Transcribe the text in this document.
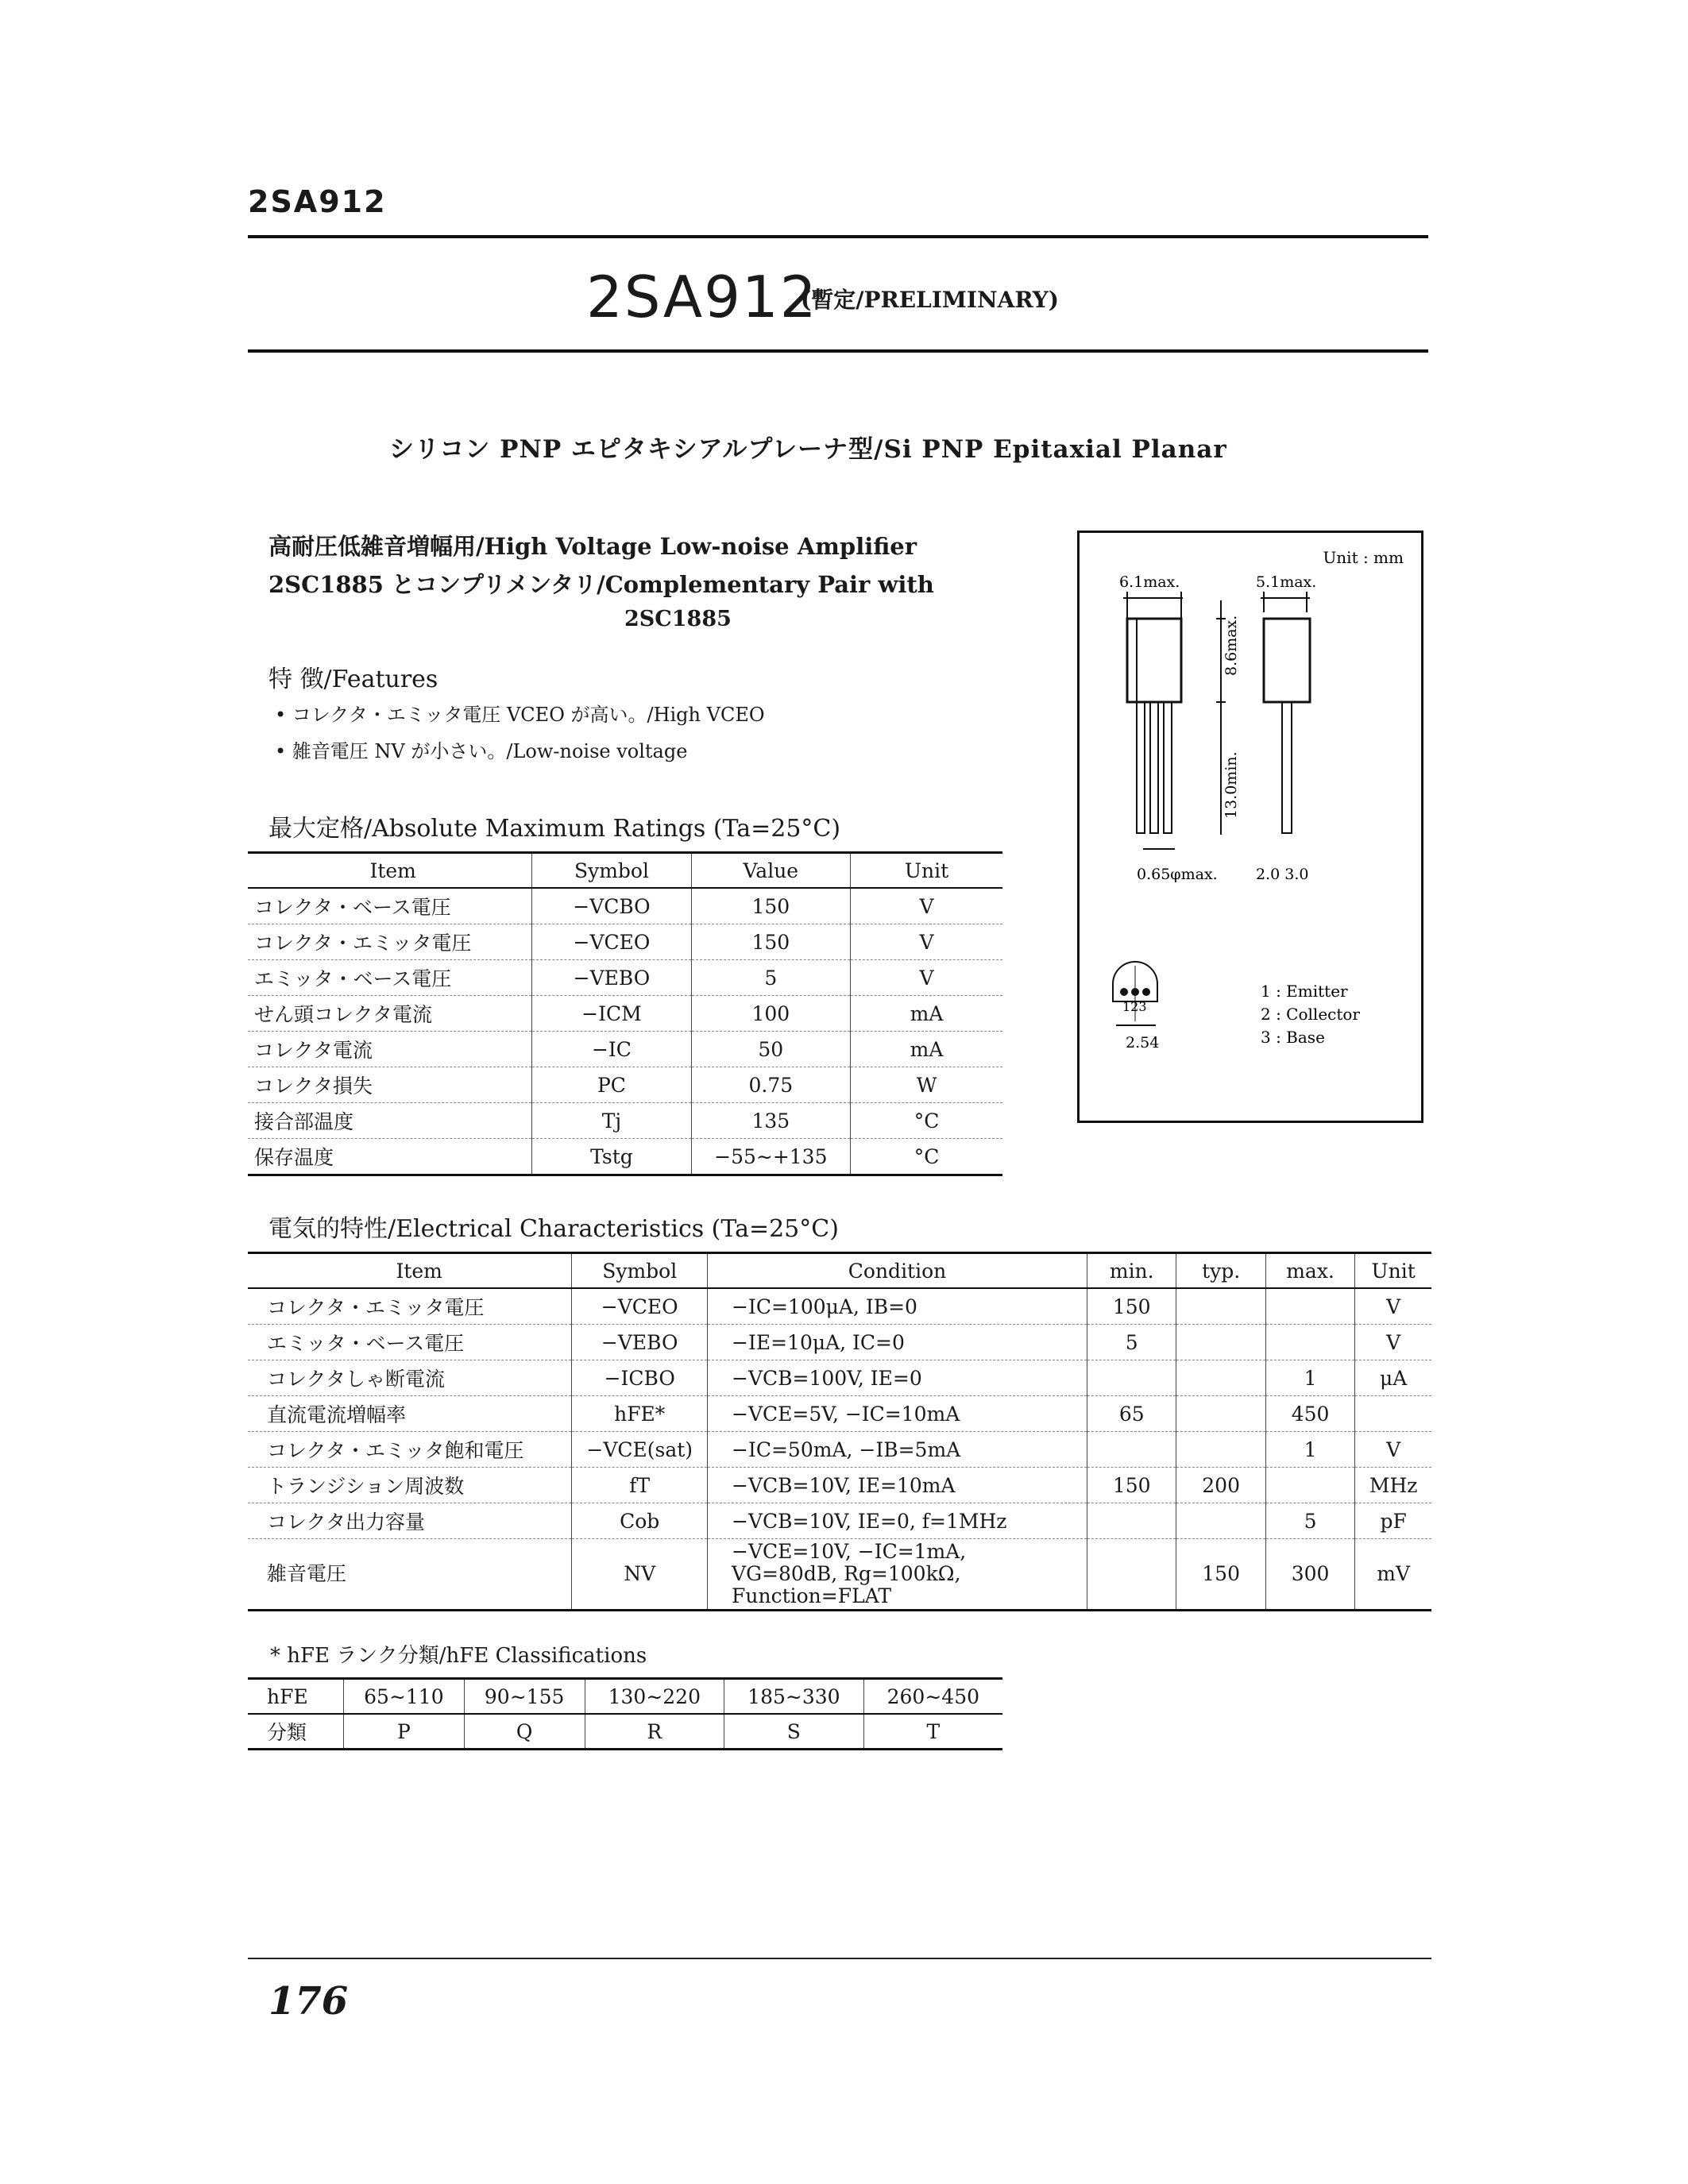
2SA912
2SA912
(暫定/PRELIMINARY)
シリコン PNP エピタキシアルプレーナ型/Si PNP Epitaxial Planar
高耐圧低雑音増幅用/High Voltage Low-noise Amplifier
2SC1885 とコンプリメンタリ/Complementary Pair with
2SC1885
特 徴/Features
• コレクタ・エミッタ電圧 VCEO が高い。/High VCEO
• 雑音電圧 NV が小さい。/Low-noise voltage
最大定格/Absolute Maximum Ratings (Ta=25°C)
Item	Symbol	Value	Unit
コレクタ・ベース電圧	−VCBO	150	V
コレクタ・エミッタ電圧	−VCEO	150	V
エミッタ・ベース電圧	−VEBO	5	V
せん頭コレクタ電流	−ICM	100	mA
コレクタ電流	−IC	50	mA
コレクタ損失	PC	0.75	W
接合部温度	Tj	135	°C
保存温度	Tstg	−55∼+135	°C
Unit : mm
6.1max.
8.6max.
13.0min.
0.65φmax.
5.1max.
2.0 3.0
123
2.54
1 : Emitter
2 : Collector
3 : Base
電気的特性/Electrical Characteristics (Ta=25°C)
Item	Symbol	Condition	min.	typ.	max.	Unit
コレクタ・エミッタ電圧	−VCEO	−IC=100μA, IB=0	150			V
エミッタ・ベース電圧	−VEBO	−IE=10μA, IC=0	5			V
コレクタしゃ断電流	−ICBO	−VCB=100V, IE=0			1	μA
直流電流増幅率	hFE*	−VCE=5V, −IC=10mA	65		450	
コレクタ・エミッタ飽和電圧	−VCE(sat)	−IC=50mA, −IB=5mA			1	V
トランジション周波数	fT	−VCB=10V, IE=10mA	150	200		MHz
コレクタ出力容量	Cob	−VCB=10V, IE=0, f=1MHz			5	pF
雑音電圧	NV	−VCE=10V, −IC=1mA,
VG=80dB, Rg=100kΩ,
Function=FLAT		150	300	mV
* hFE ランク分類/hFE Classifications
hFE	65∼110	90∼155	130∼220	185∼330	260∼450
分類	P	Q	R	S	T
176
